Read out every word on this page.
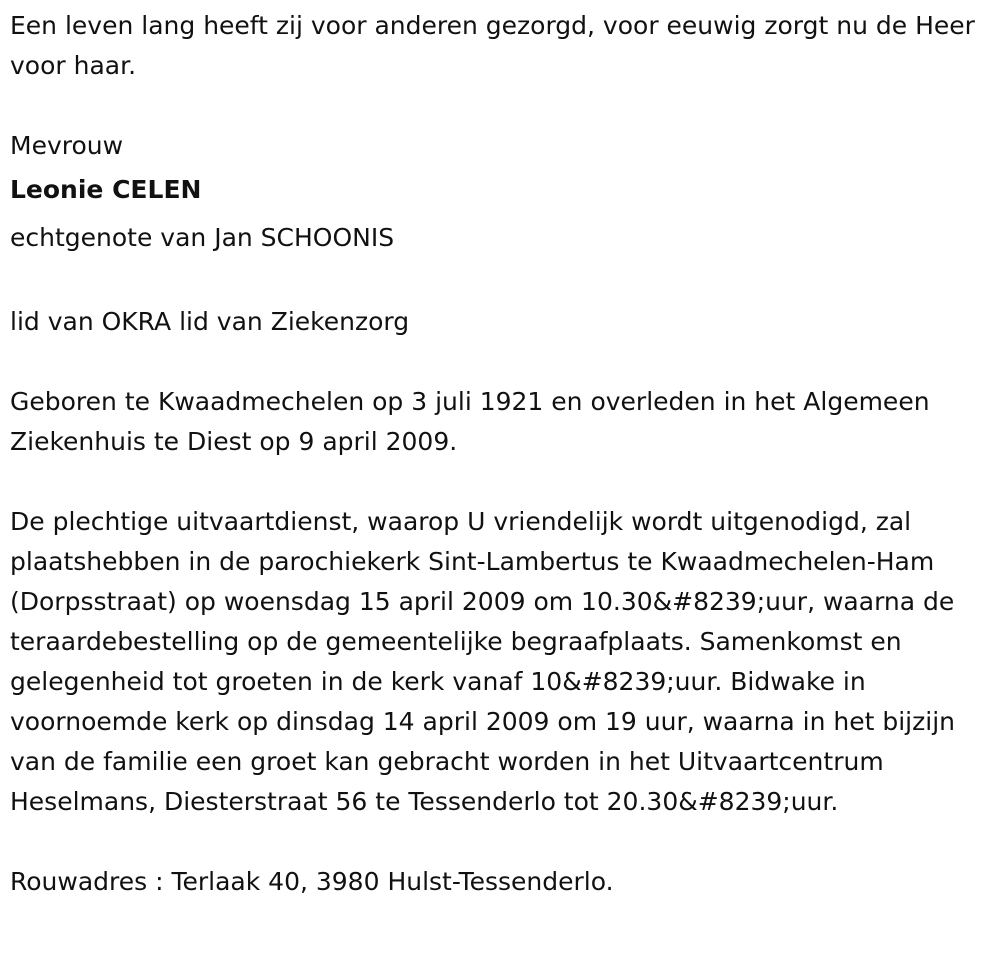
Een leven lang heeft zij voor anderen gezorgd, voor eeuwig zorgt nu de Heer voor haar.

Mevrouw

Leonie CELEN

echtgenote van Jan SCHOONIS

lid van OKRA lid van Ziekenzorg

Geboren te Kwaadmechelen op 3 juli 1921 en overleden in het Algemeen Ziekenhuis te Diest op 9 april 2009.

De plechtige uitvaartdienst, waarop U vriendelijk wordt uitgenodigd, zal plaatshebben in de parochiekerk Sint-Lambertus te Kwaadmechelen-Ham (Dorpsstraat) op woensdag 15 april 2009 om 10.30&#8239;uur, waarna de teraardebestelling op de gemeentelijke begraafplaats. Samenkomst en gelegenheid tot groeten in de kerk vanaf 10&#8239;uur. Bidwake in voornoemde kerk op dinsdag 14 april 2009 om 19 uur, waarna in het bijzijn van de familie een groet kan gebracht worden in het Uitvaartcentrum Heselmans, Diesterstraat 56 te Tessenderlo tot 20.30&#8239;uur.

Rouwadres : Terlaak 40, 3980 Hulst-Tessenderlo.
